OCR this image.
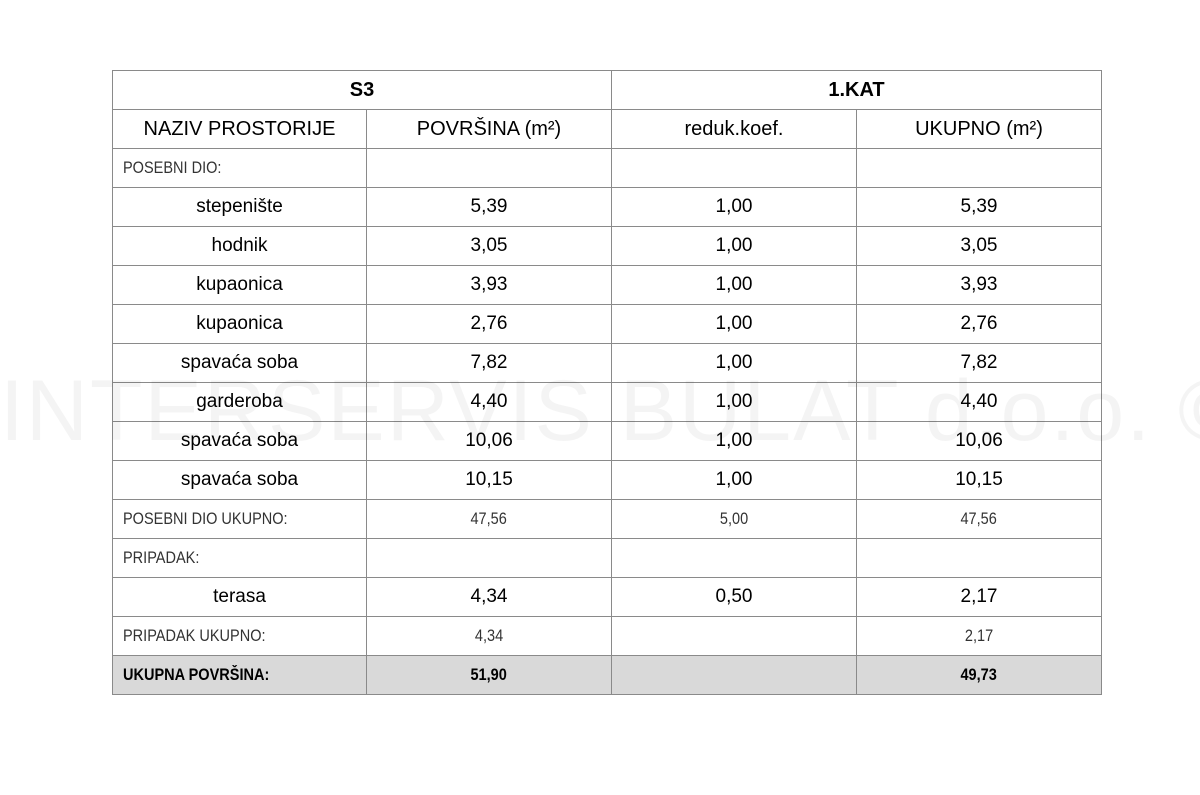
S3		1.KAT	
NAZIV PROSTORIJE	POVRŠINA (m²)	reduk.koef.	UKUPNO (m²)
POSEBNI DIO:			
stepenište	5,39	1,00	5,39
hodnik	3,05	1,00	3,05
kupaonica	3,93	1,00	3,93
kupaonica	2,76	1,00	2,76
spavaća soba	7,82	1,00	7,82
garderoba	4,40	1,00	4,40
spavaća soba	10,06	1,00	10,06
spavaća soba	10,15	1,00	10,15
POSEBNI DIO UKUPNO:	47,56	5,00	47,56
PRIPADAK:			
terasa	4,34	0,50	2,17
PRIPADAK UKUPNO:	4,34		2,17
UKUPNA POVRŠINA:	51,90		49,73
